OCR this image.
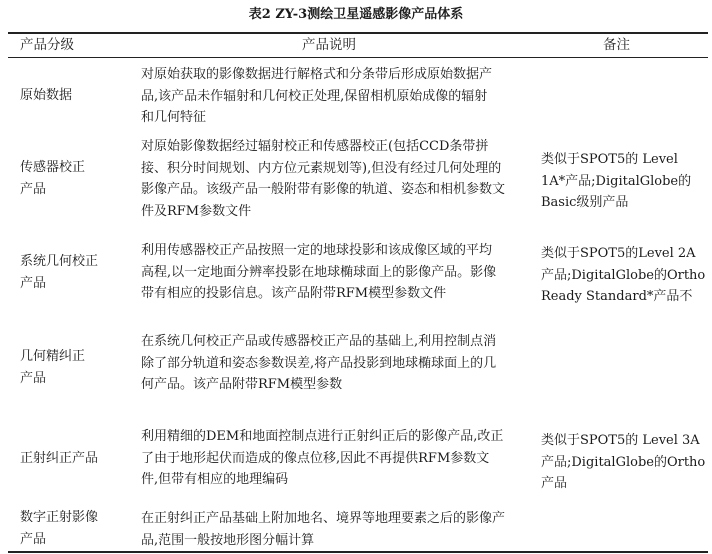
表2 ZY-3测绘卫星遥感影像产品体系
产品分级	产品说明	备注
原始数据
对原始获取的影像数据进行解格式和分条带后形成原始数据产
品,该产品未作辐射和几何校正处理,保留相机原始成像的辐射
和几何特征
传感器校正
产品
对原始影像数据经过辐射校正和传感器校正(包括CCD条带拼
接、积分时间规划、内方位元素规划等),但没有经过几何处理的
影像产品。该级产品一般附带有影像的轨道、姿态和相机参数文
件及RFM参数文件
类似于SPOT5的 Level
1A*产品;DigitalGlobe的
Basic级别产品
系统几何校正
产品
利用传感器校正产品按照一定的地球投影和该成像区域的平均
高程,以一定地面分辨率投影在地球椭球面上的影像产品。影像
带有相应的投影信息。该产品附带RFM模型参数文件
类似于SPOT5的Level 2A
产品;DigitalGlobe的Ortho
Ready Standard*产品不
几何精纠正
产品
在系统几何校正产品或传感器校正产品的基础上,利用控制点消
除了部分轨道和姿态参数误差,将产品投影到地球椭球面上的几
何产品。该产品附带RFM模型参数
正射纠正产品
利用精细的DEM和地面控制点进行正射纠正后的影像产品,改正
了由于地形起伏而造成的像点位移,因此不再提供RFM参数文
件,但带有相应的地理编码
类似于SPOT5的 Level 3A
产品;DigitalGlobe的Ortho
产品
数字正射影像
产品
在正射纠正产品基础上附加地名、境界等地理要素之后的影像产
品,范围一般按地形图分幅计算
